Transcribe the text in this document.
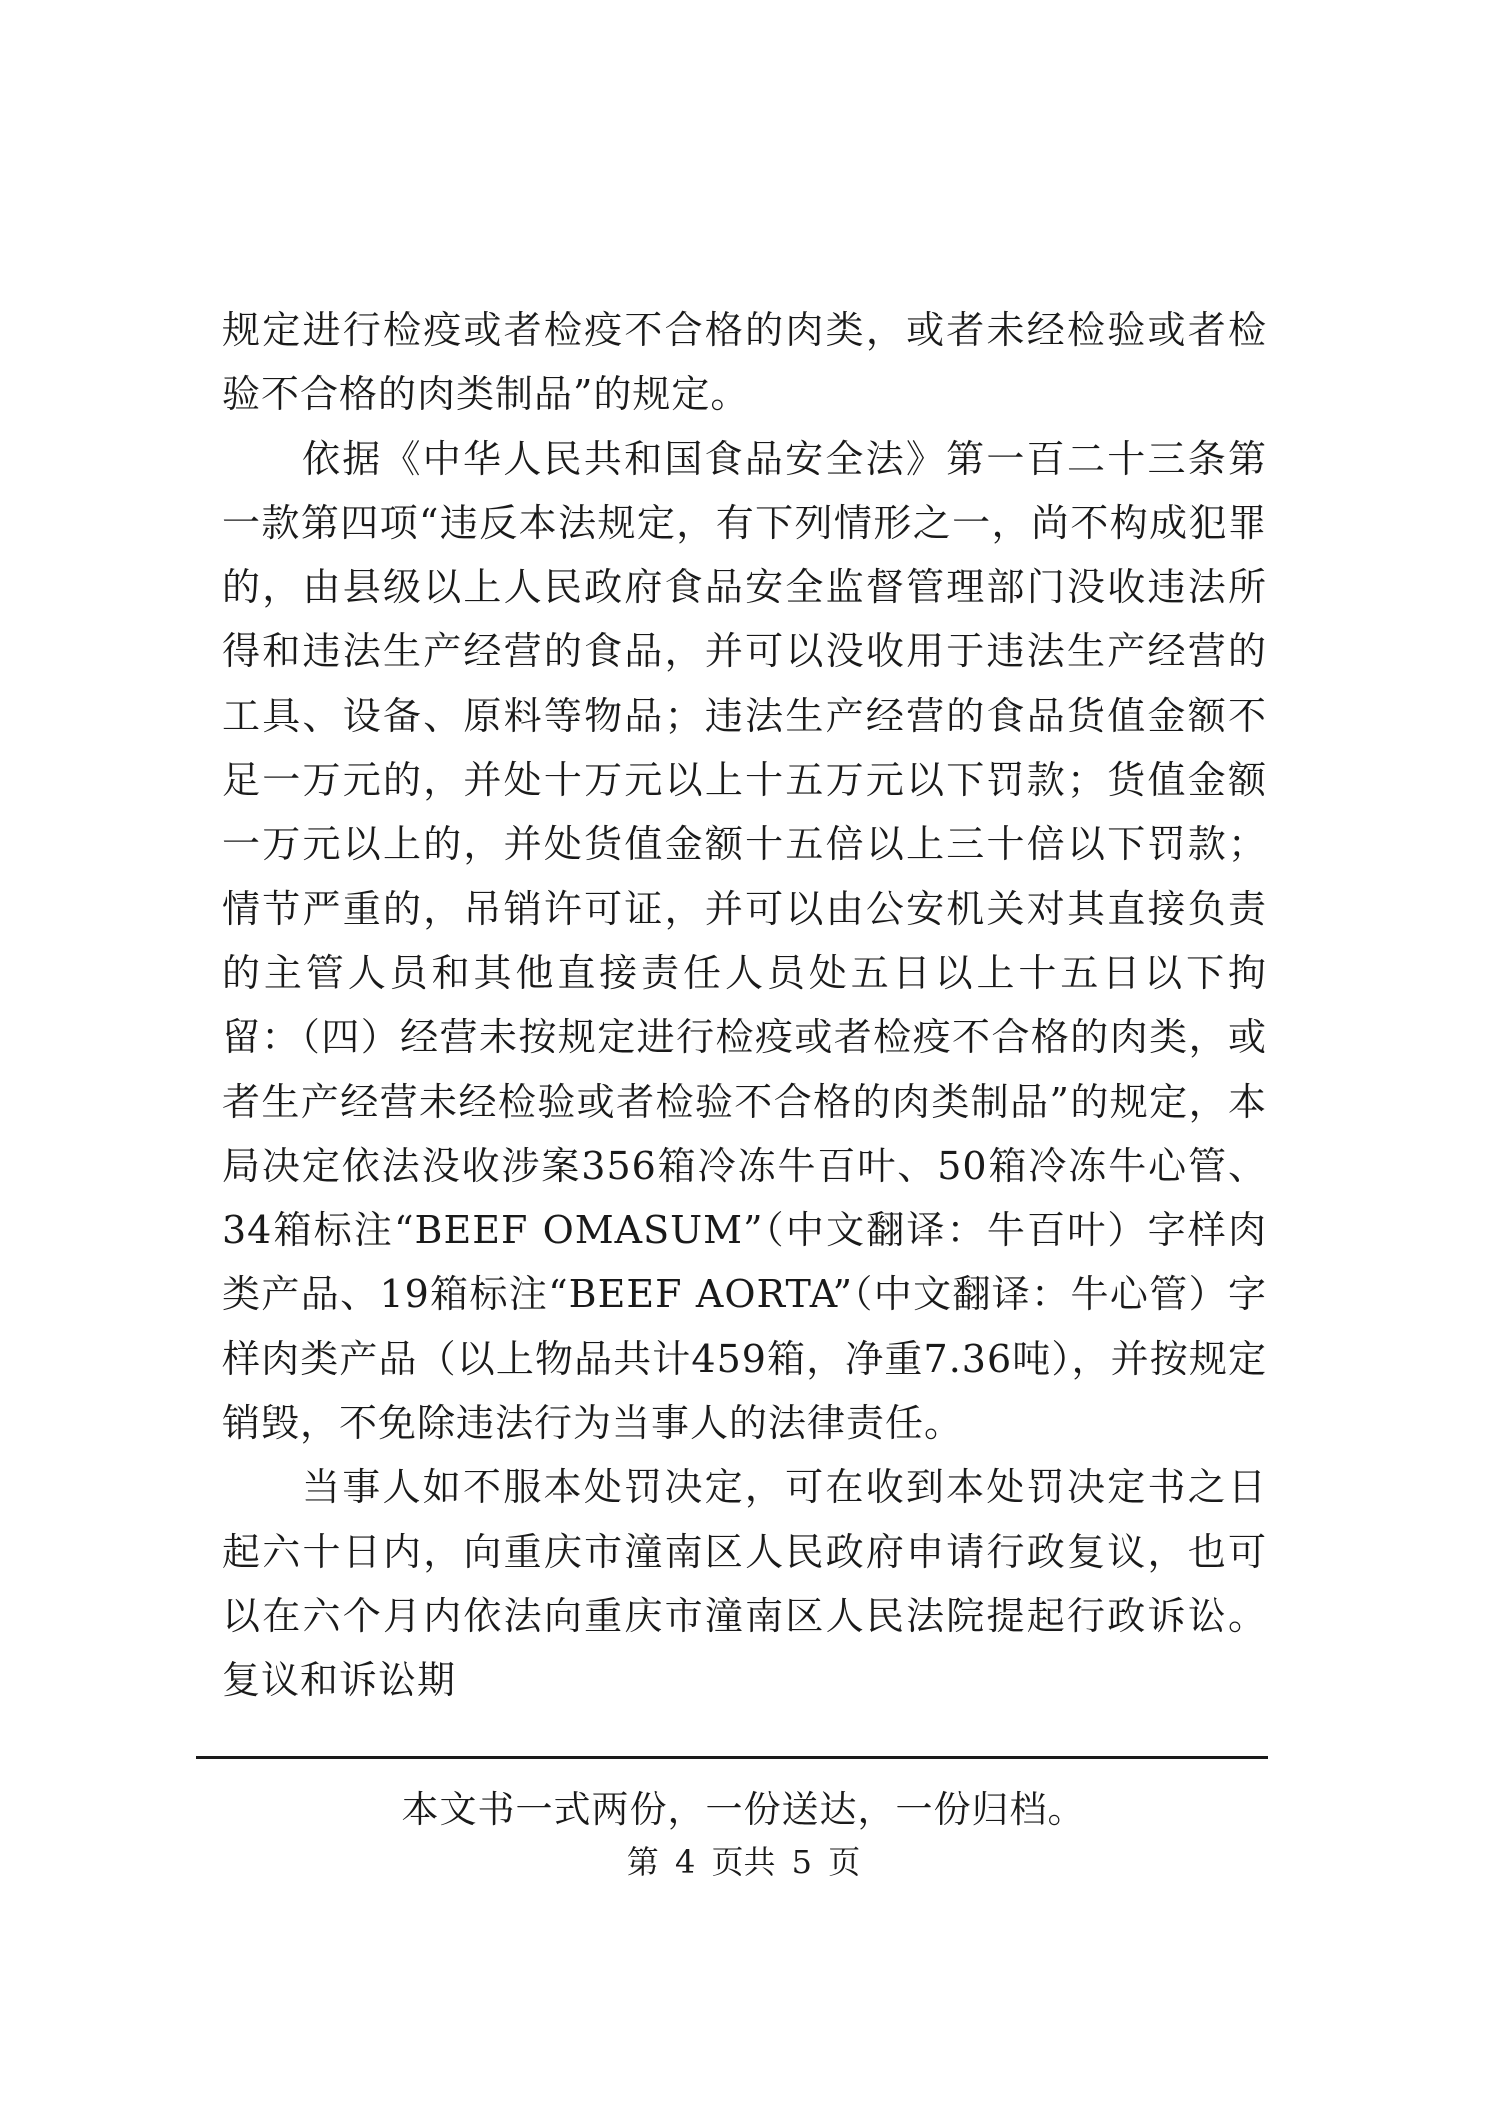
规定进行检疫或者检疫不合格的肉类，或者未经检验或者检验不合格的肉类制品”的规定。

依据《中华人民共和国食品安全法》第一百二十三条第一款第四项“违反本法规定，有下列情形之一，尚不构成犯罪的，由县级以上人民政府食品安全监督管理部门没收违法所得和违法生产经营的食品，并可以没收用于违法生产经营的工具、设备、原料等物品；违法生产经营的食品货值金额不足一万元的，并处十万元以上十五万元以下罚款；货值金额一万元以上的，并处货值金额十五倍以上三十倍以下罚款；情节严重的，吊销许可证，并可以由公安机关对其直接负责的主管人员和其他直接责任人员处五日以上十五日以下拘留：（四）经营未按规定进行检疫或者检疫不合格的肉类，或者生产经营未经检验或者检验不合格的肉类制品”的规定，本局决定依法没收涉案356箱冷冻牛百叶、50箱冷冻牛心管、34箱标注“BEEF OMASUM”（中文翻译：牛百叶）字样肉类产品、19箱标注“BEEF AORTA”（中文翻译：牛心管）字样肉类产品（以上物品共计459箱，净重7.36吨），并按规定销毁，不免除违法行为当事人的法律责任。

当事人如不服本处罚决定，可在收到本处罚决定书之日起六十日内，向重庆市潼南区人民政府申请行政复议，也可以在六个月内依法向重庆市潼南区人民法院提起行政诉讼。复议和诉讼期

本文书一式两份，一份送达，一份归档。
第 4 页共 5 页
